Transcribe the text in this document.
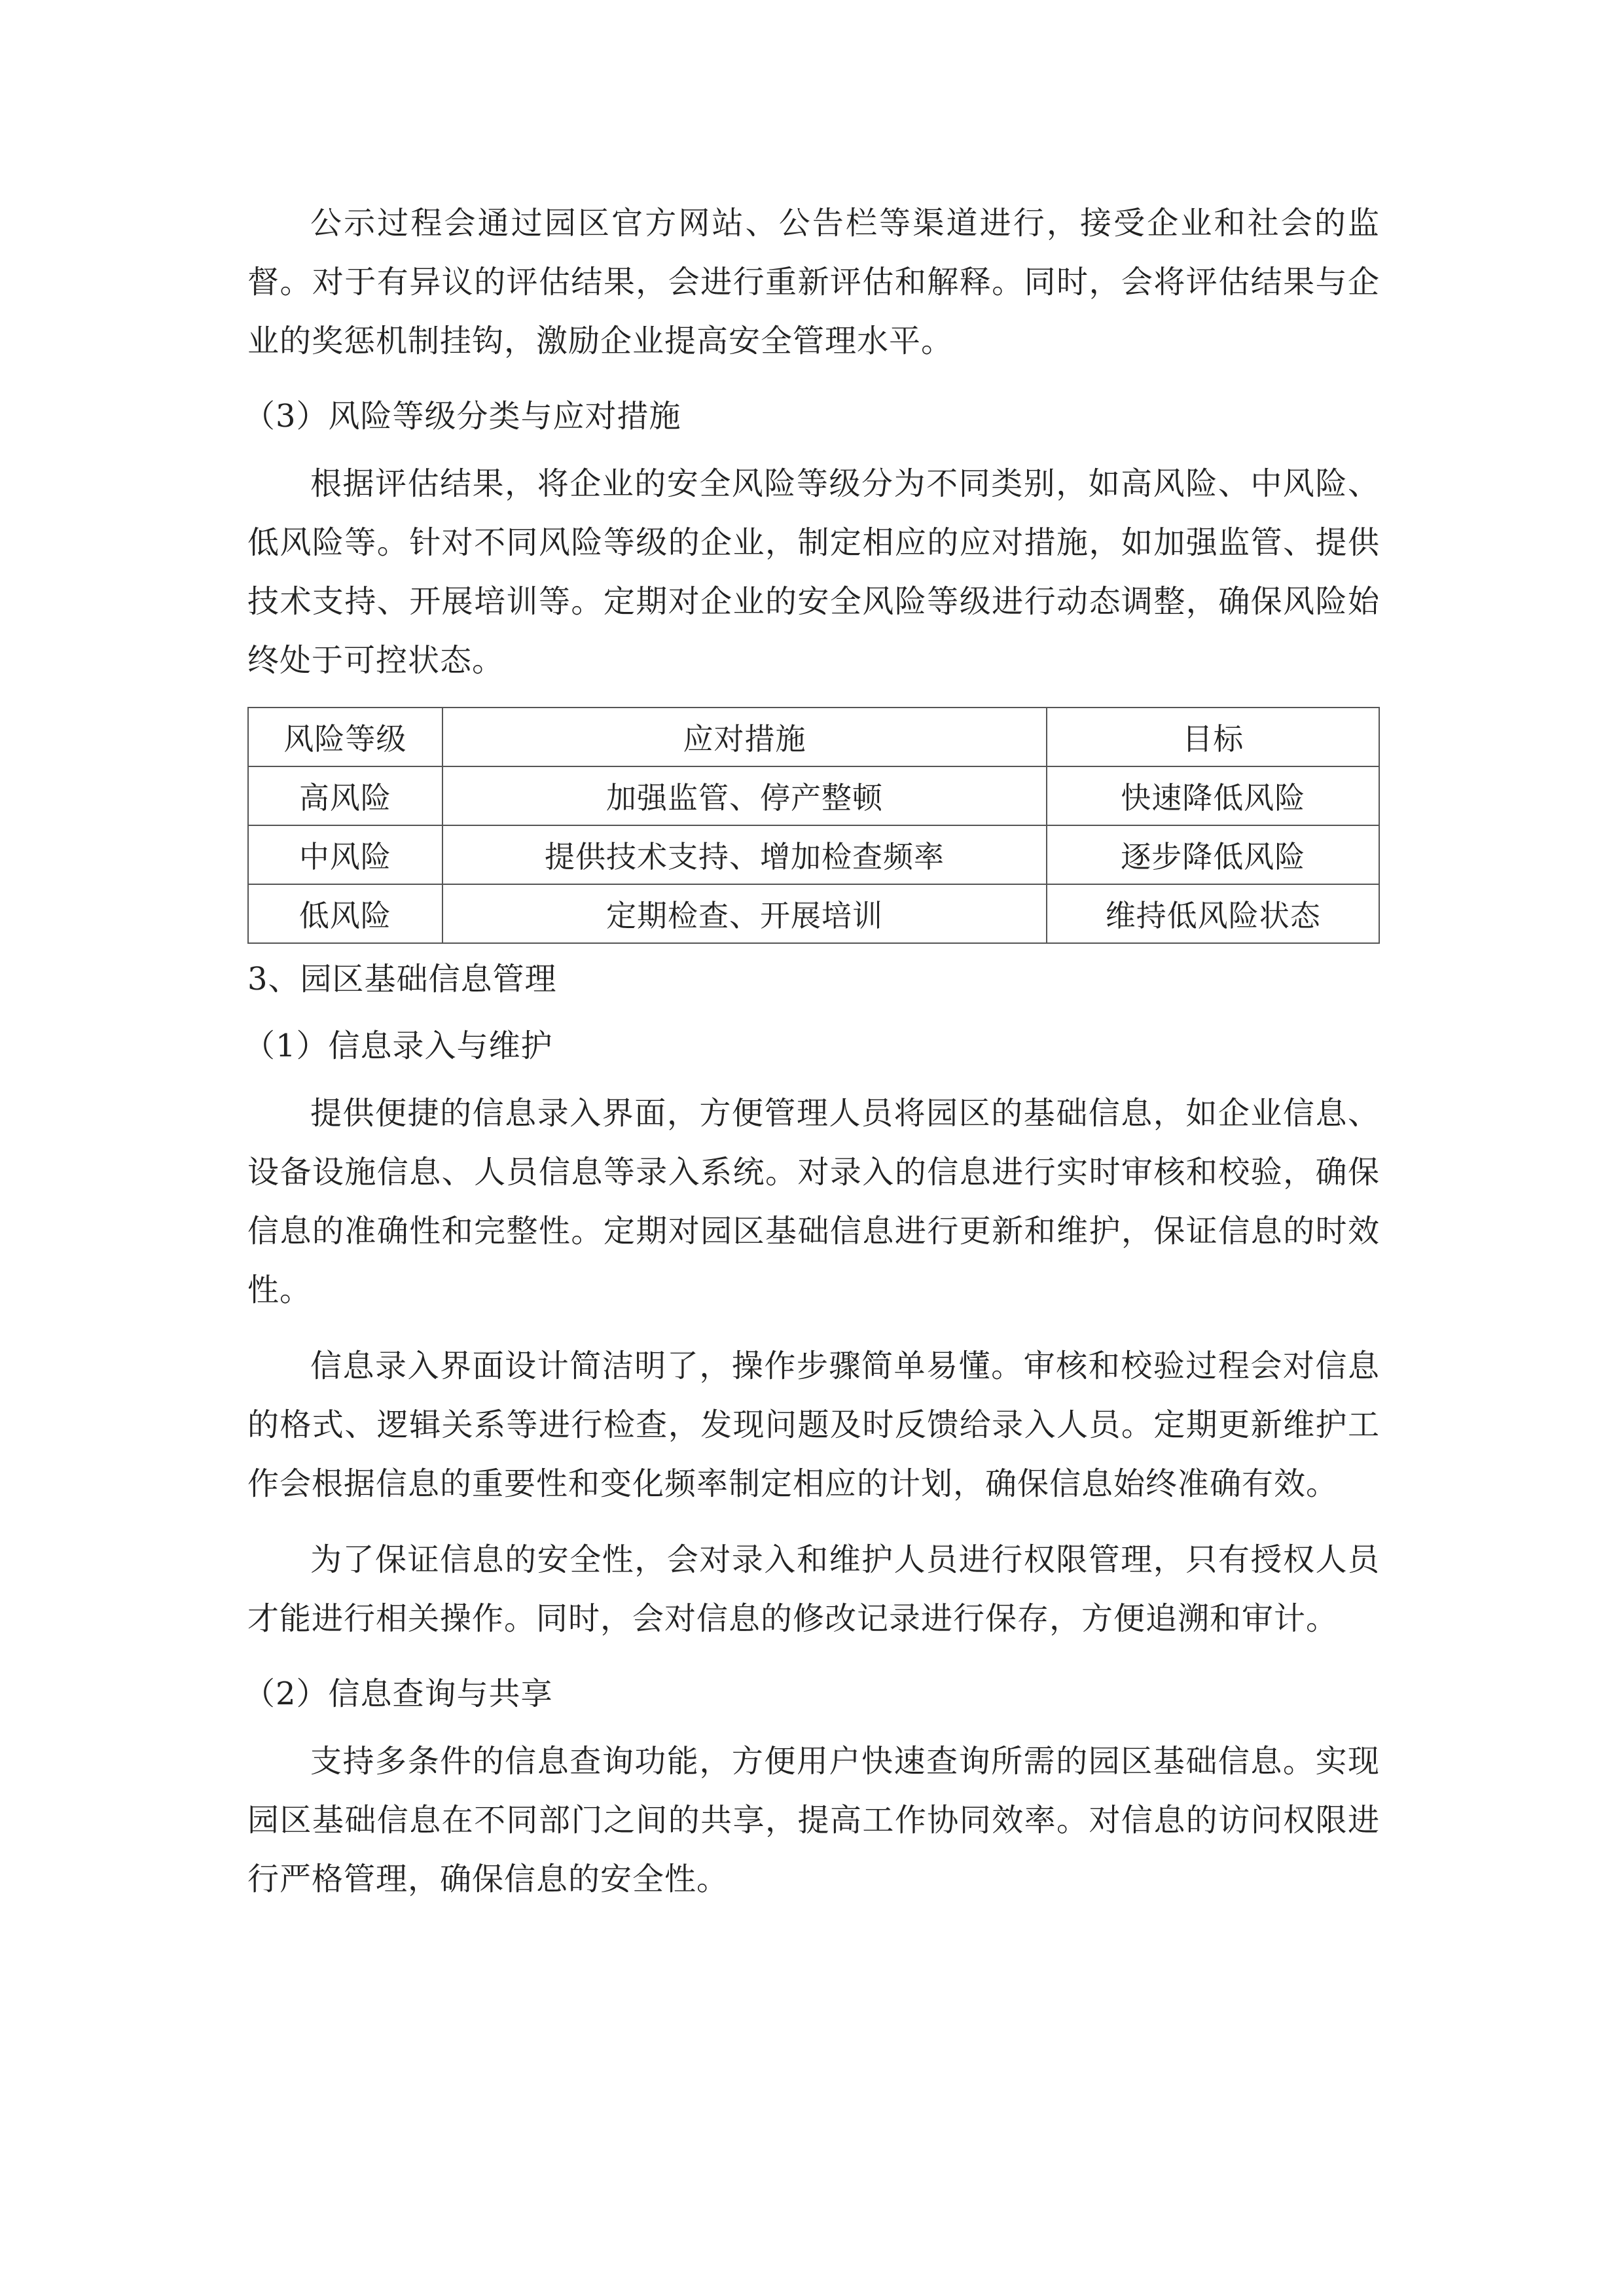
公示过程会通过园区官方网站、公告栏等渠道进行，接受企业和社会的监督。对于有异议的评估结果，会进行重新评估和解释。同时，会将评估结果与企业的奖惩机制挂钩，激励企业提高安全管理水平。

（3）风险等级分类与应对措施

根据评估结果，将企业的安全风险等级分为不同类别，如高风险、中风险、低风险等。针对不同风险等级的企业，制定相应的应对措施，如加强监管、提供技术支持、开展培训等。定期对企业的安全风险等级进行动态调整，确保风险始终处于可控状态。

风险等级	应对措施	目标
高风险	加强监管、停产整顿	快速降低风险
中风险	提供技术支持、增加检查频率	逐步降低风险
低风险	定期检查、开展培训	维持低风险状态
3、园区基础信息管理
（1）信息录入与维护

提供便捷的信息录入界面，方便管理人员将园区的基础信息，如企业信息、设备设施信息、人员信息等录入系统。对录入的信息进行实时审核和校验，确保信息的准确性和完整性。定期对园区基础信息进行更新和维护，保证信息的时效性。

信息录入界面设计简洁明了，操作步骤简单易懂。审核和校验过程会对信息的格式、逻辑关系等进行检查，发现问题及时反馈给录入人员。定期更新维护工作会根据信息的重要性和变化频率制定相应的计划，确保信息始终准确有效。

为了保证信息的安全性，会对录入和维护人员进行权限管理，只有授权人员才能进行相关操作。同时，会对信息的修改记录进行保存，方便追溯和审计。

（2）信息查询与共享

支持多条件的信息查询功能，方便用户快速查询所需的园区基础信息。实现园区基础信息在不同部门之间的共享，提高工作协同效率。对信息的访问权限进行严格管理，确保信息的安全性。
